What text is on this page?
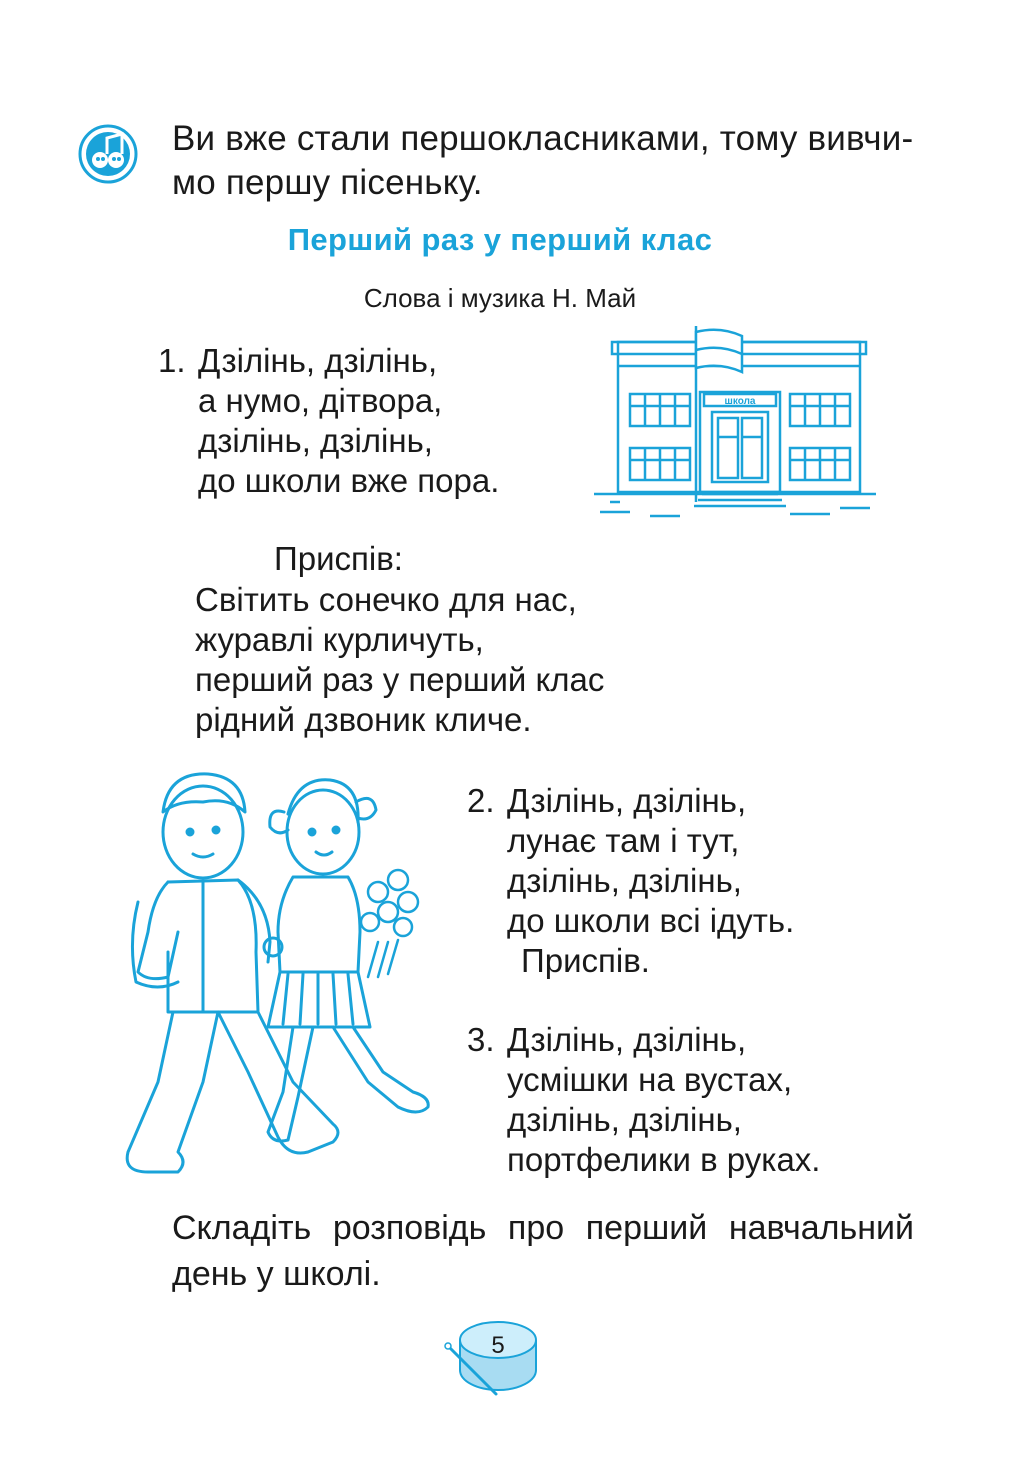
Ви вже стали першокласниками, тому вивчи-
мо першу пісеньку.
Перший раз у перший клас
Слова і музика Н. Май
1. Дзілінь, дзілінь,
а нумо, дітвора,
дзілінь, дзілінь,
до школи вже пора.
школа
Приспів:
Світить сонечко для нас,
журавлі курличуть,
перший раз у перший клас
рідний дзвоник кличе.
2. Дзілінь, дзілінь,
лунає там і тут,
дзілінь, дзілінь,
до школи всі ідуть.
Приспів.
3. Дзілінь, дзілінь,
усмішки на вустах,
дзілінь, дзілінь,
портфелики в руках.
Складіть розповідь про перший навчальний
день у школі.
5
